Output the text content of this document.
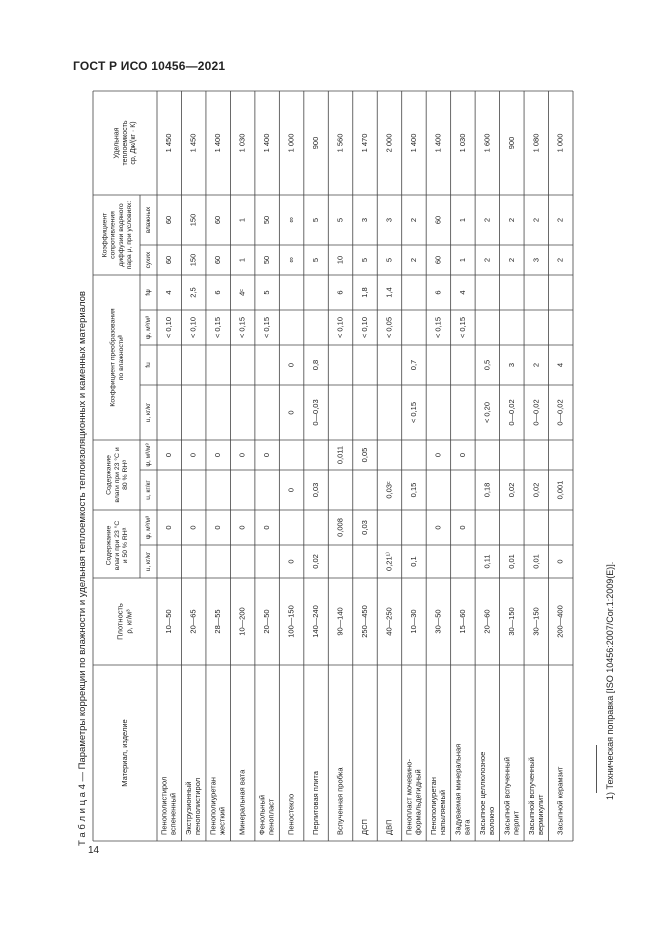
ГОСТ Р ИСО 10456—2021
Т а б л и ц а 4 — Параметры коррекции по влажности и удельная теплоемкость теплоизоляционных и каменных материалов
14
1) Техническая поправка [ISO 10456:2007/Cor.1:2009(E)].
Материал, изделие
Плотность ρ, кг/м³
Содержание влаги при 23 °С и 50 % RHᵃ
Содержание влаги при 23 °С и 80 % RHᵃ
Коэффициент преобразования по влажностиᵇ
Коэффициент сопротивления диффузии водяного пара μ, при условиях:
Удельная теплоемкость cp, Дж/(кг · К)
u, кг/кг
ψ, м³/м³
u, кг/кг
ψ, м³/м³
u, кг/кг
fu
ψ, м³/м³
fψ
сухих
влажных
Пенополистирол вспененный
10—50
0
0
< 0,10
4
60
60
1 450
Экструзионный пенополистирол
20—65
0
0
< 0,10
2,5
150
150
1 450
Пенополиуретан жесткий
28—55
0
0
< 0,15
6
60
60
1 400
Минеральная вата
10—200
0
0
< 0,15
4ᶜ
1
1
1 030
Фенольный пенопласт
20—50
0
0
< 0,15
5
50
50
1 400
Пеностекло
100—150
0
0
0
0
∞
∞
1 000
Перлитовая плита
140—240
0,02
0,03
0—0,03
0,8
5
5
900
Вспученная пробка
90—140
0,008
0,011
< 0,10
6
10
5
1 560
ДСП
250—450
0,03
0,05
< 0,10
1,8
5
3
1 470
ДВП
40—250
0,21¹⁾
0,03ᶜ
< 0,05
1,4
5
3
2 000
Пенопласт мочевино- формальдегидный
10—30
0,1
0,15
< 0,15
0,7
2
2
1 400
Пенополиуретан напыляемый
30—50
0
0
< 0,15
6
60
60
1 400
Задуваемая минеральная вата
15—60
0
0
< 0,15
4
1
1
1 030
Засыпное целлюлозное волокно
20—60
0,11
0,18
< 0,20
0,5
2
2
1 600
Засыпной вспученный перлит
30—150
0,01
0,02
0—0,02
3
2
2
900
Засыпной вспученный вермикулит
30—150
0,01
0,02
0—0,02
2
3
2
1 080
Засыпной керамзит
200—400
0
0,001
0—0,02
4
2
2
1 000
